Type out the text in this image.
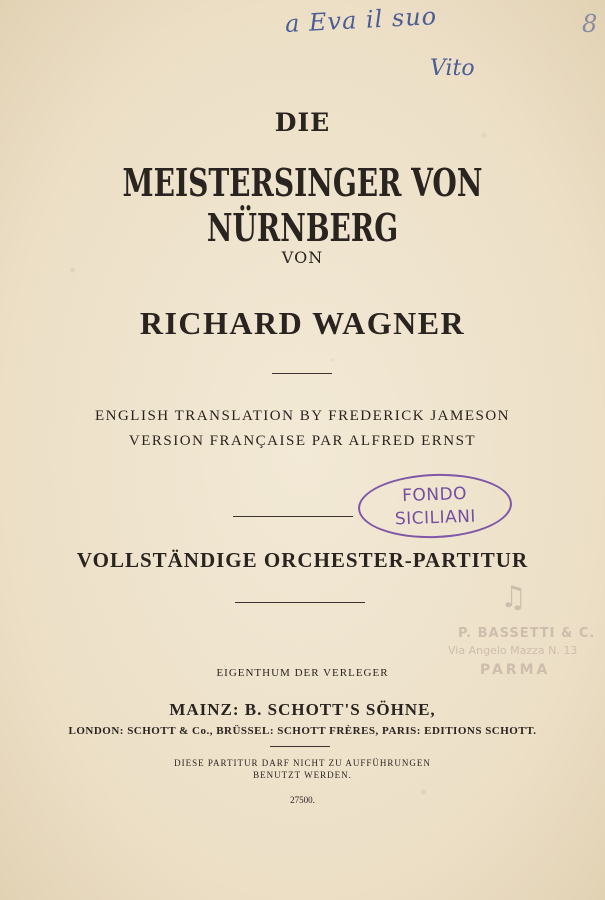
a Eva il suo
Vito
8
DIE
MEISTERSINGER VON NÜRNBERG
VON
RICHARD WAGNER
ENGLISH TRANSLATION BY FREDERICK JAMESON
VERSION FRANÇAISE PAR ALFRED ERNST
FONDO
SICILIANI
VOLLSTÄNDIGE ORCHESTER-PARTITUR
♫
P. BASSETTI & C.
Via Angelo Mazza N. 13
PARMA
EIGENTHUM DER VERLEGER
MAINZ: B. SCHOTT'S SÖHNE,
LONDON: SCHOTT & Co., BRÜSSEL: SCHOTT FRÈRES, PARIS: EDITIONS SCHOTT.
DIESE PARTITUR DARF NICHT ZU AUFFÜHRUNGEN
BENUTZT WERDEN.
27500.
